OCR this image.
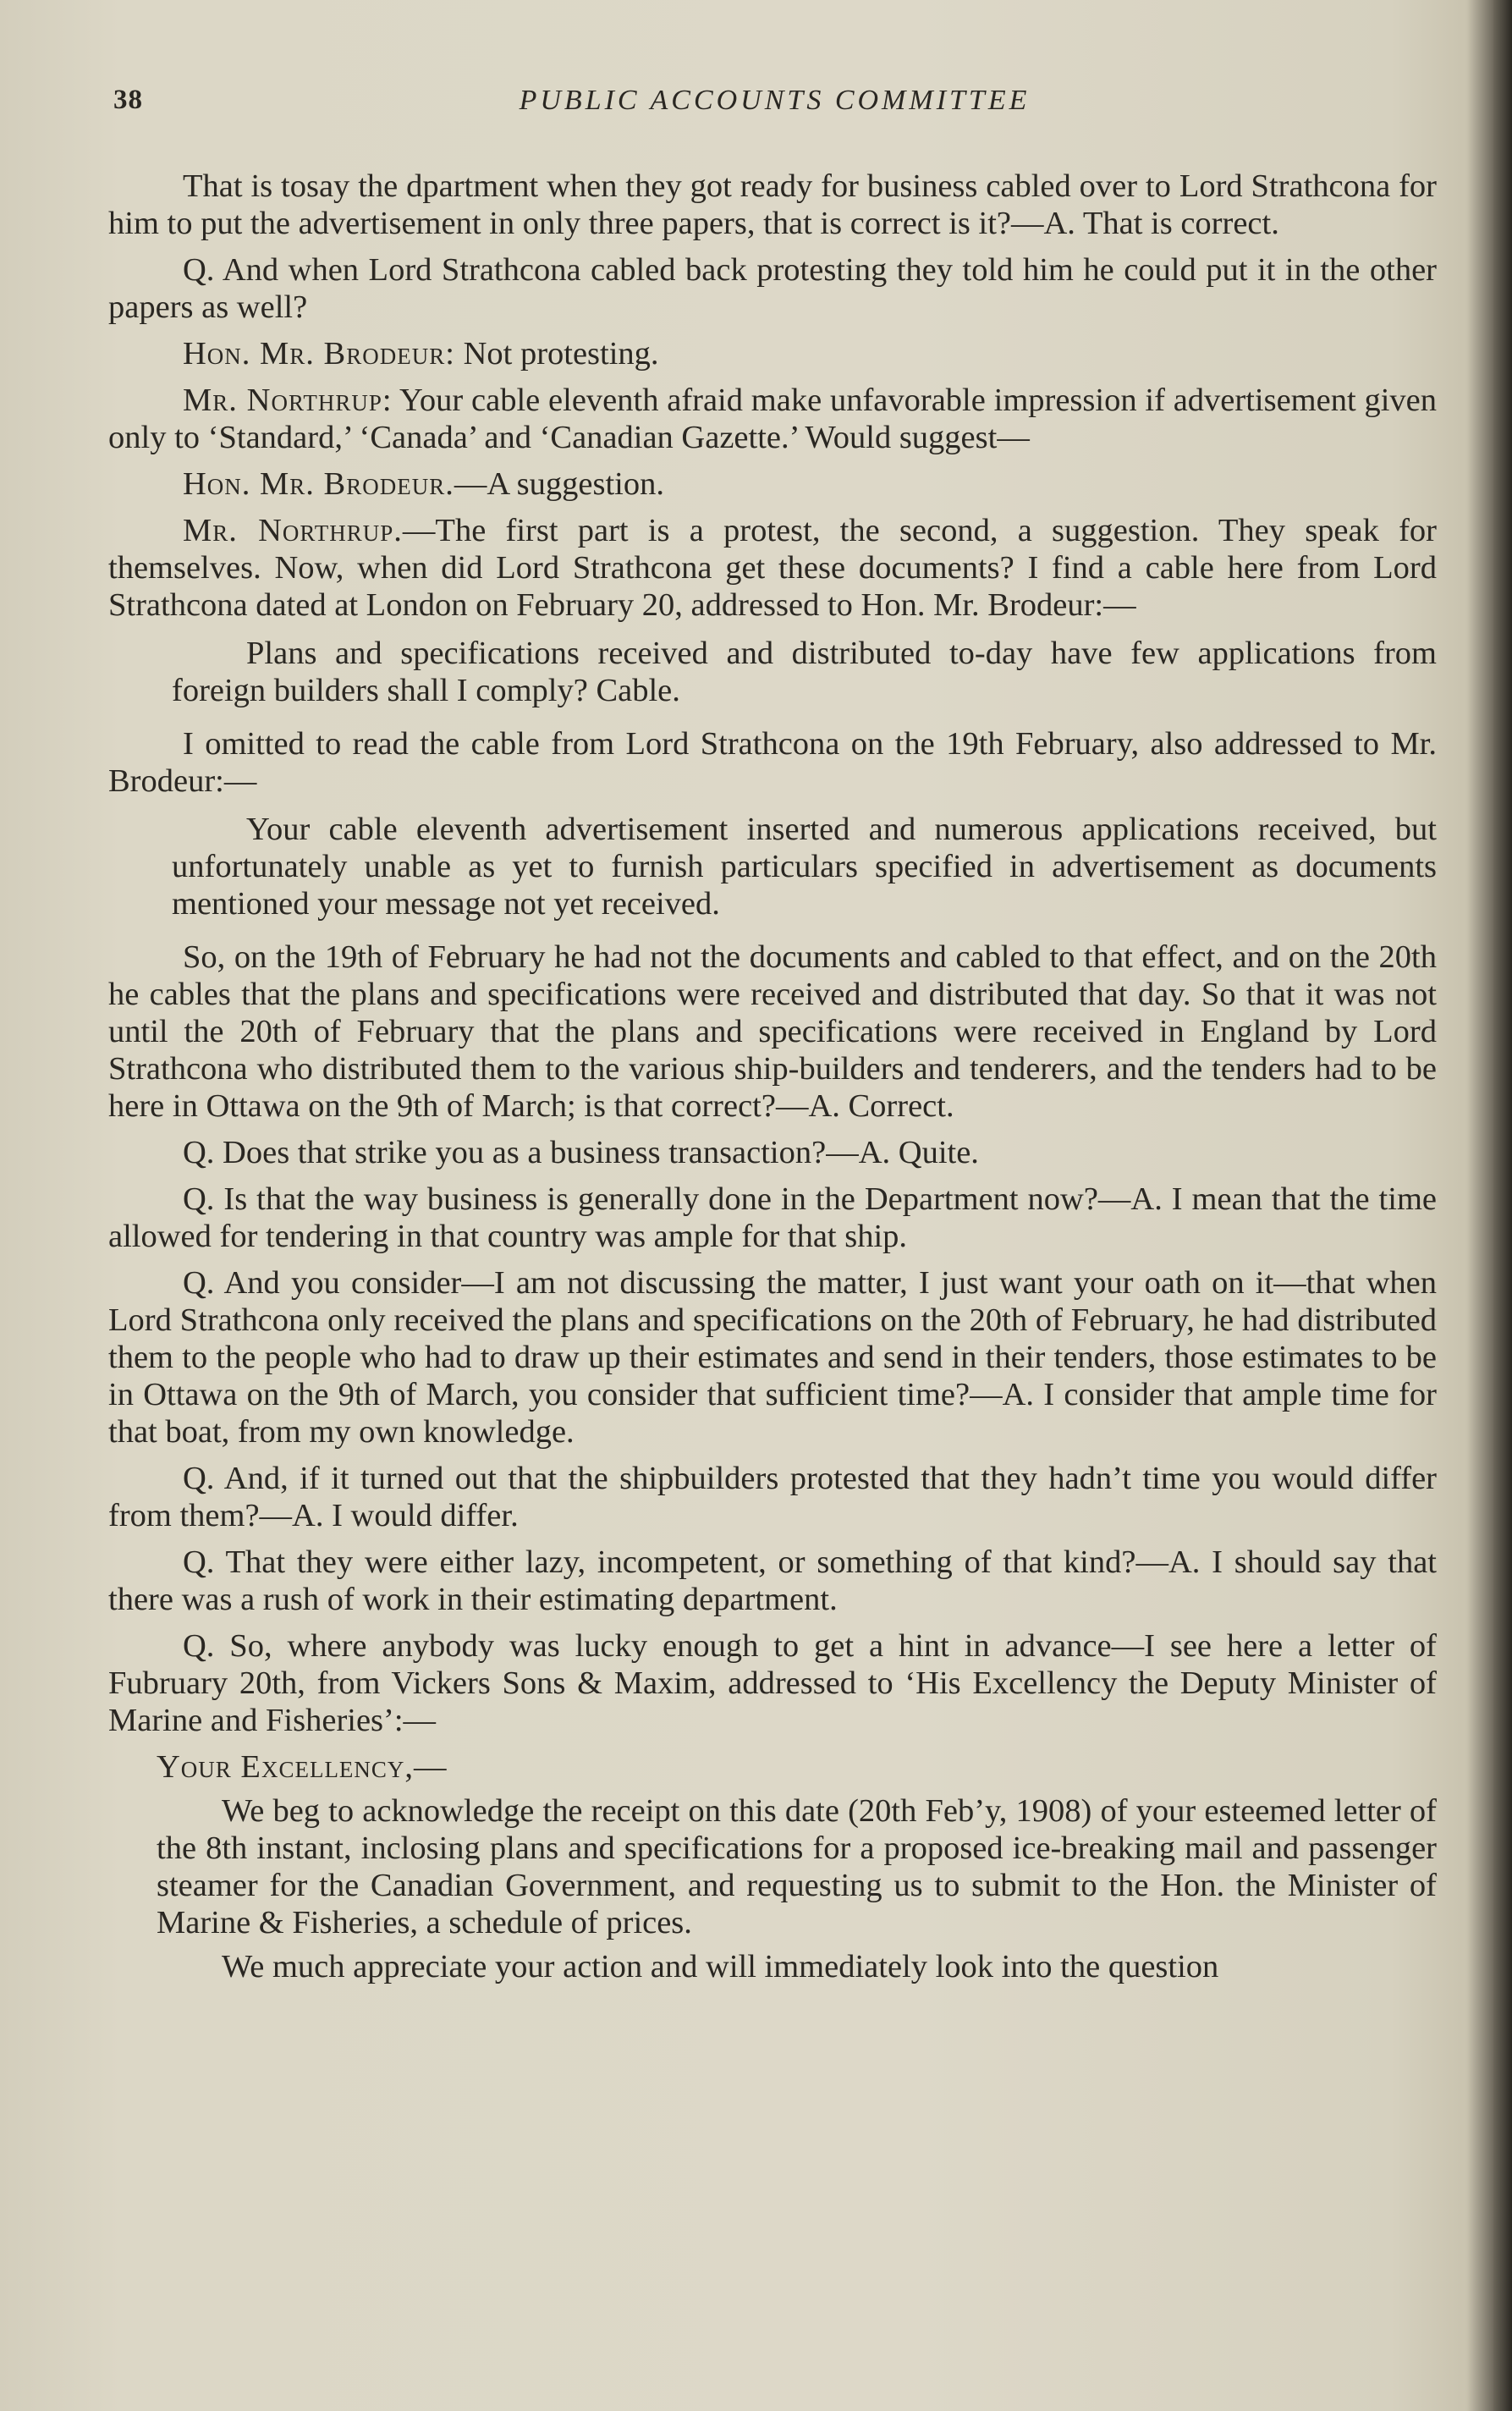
38	PUBLIC ACCOUNTS COMMITTEE

That is tosay the dpartment when they got ready for business cabled over to Lord Strathcona for him to put the advertisement in only three papers, that is correct is it?—A. That is correct.

Q. And when Lord Strathcona cabled back protesting they told him he could put it in the other papers as well?

Hon. Mr. Brodeur: Not protesting.

Mr. Northrup: Your cable eleventh afraid make unfavorable impression if advertisement given only to ‘Standard,’ ‘Canada’ and ‘Canadian Gazette.’ Would suggest—

Hon. Mr. Brodeur.—A suggestion.

Mr. Northrup.—The first part is a protest, the second, a suggestion. They speak for themselves. Now, when did Lord Strathcona get these documents? I find a cable here from Lord Strathcona dated at London on February 20, addressed to Hon. Mr. Brodeur:—

Plans and specifications received and distributed to-day have few applications from foreign builders shall I comply? Cable.

I omitted to read the cable from Lord Strathcona on the 19th February, also addressed to Mr. Brodeur:—

Your cable eleventh advertisement inserted and numerous applications received, but unfortunately unable as yet to furnish particulars specified in advertisement as documents mentioned your message not yet received.

So, on the 19th of February he had not the documents and cabled to that effect, and on the 20th he cables that the plans and specifications were received and distributed that day. So that it was not until the 20th of February that the plans and specifications were received in England by Lord Strathcona who distributed them to the various ship-builders and tenderers, and the tenders had to be here in Ottawa on the 9th of March; is that correct?—A. Correct.

Q. Does that strike you as a business transaction?—A. Quite.

Q. Is that the way business is generally done in the Department now?—A. I mean that the time allowed for tendering in that country was ample for that ship.

Q. And you consider—I am not discussing the matter, I just want your oath on it—that when Lord Strathcona only received the plans and specifications on the 20th of February, he had distributed them to the people who had to draw up their estimates and send in their tenders, those estimates to be in Ottawa on the 9th of March, you consider that sufficient time?—A. I consider that ample time for that boat, from my own knowledge.

Q. And, if it turned out that the shipbuilders protested that they hadn’t time you would differ from them?—A. I would differ.

Q. That they were either lazy, incompetent, or something of that kind?—A. I should say that there was a rush of work in their estimating department.

Q. So, where anybody was lucky enough to get a hint in advance—I see here a letter of Fubruary 20th, from Vickers Sons & Maxim, addressed to ‘His Excellency the Deputy Minister of Marine and Fisheries’:—

Your Excellency,—

We beg to acknowledge the receipt on this date (20th Feb’y, 1908) of your esteemed letter of the 8th instant, inclosing plans and specifications for a proposed ice-breaking mail and passenger steamer for the Canadian Government, and requesting us to submit to the Hon. the Minister of Marine & Fisheries, a schedule of prices.

We much appreciate your action and will immediately look into the question
